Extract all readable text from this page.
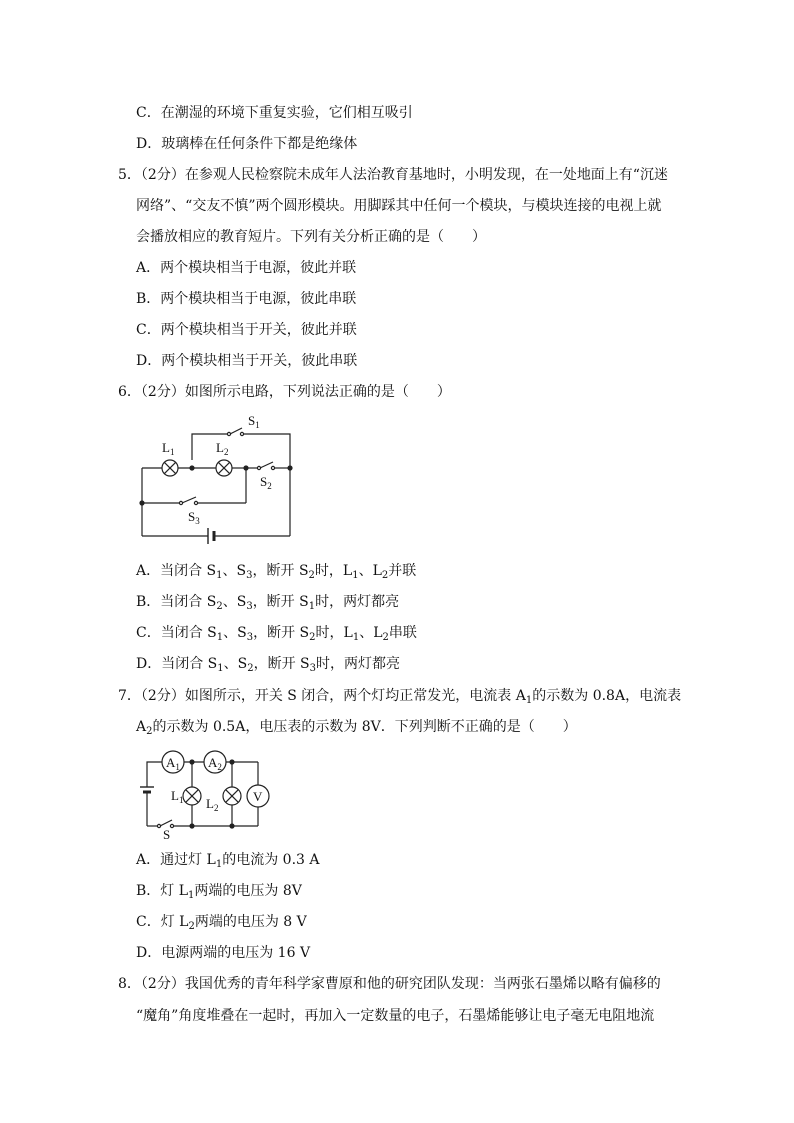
C．在潮湿的环境下重复实验，它们相互吸引
D．玻璃棒在任何条件下都是绝缘体
5．（2分）在参观人民检察院未成年人法治教育基地时，小明发现，在一处地面上有“沉迷
网络”、“交友不慎”两个圆形模块。用脚踩其中任何一个模块，与模块连接的电视上就
会播放相应的教育短片。下列有关分析正确的是（　　）
A．两个模块相当于电源，彼此并联
B．两个模块相当于电源，彼此串联
C．两个模块相当于开关，彼此并联
D．两个模块相当于开关，彼此串联
6．（2分）如图所示电路，下列说法正确的是（　　）
$L_1$	$L_2$
$S_1$
$S_2$
$S_3$
A．当闭合 $S_1$、$S_3$，断开 $S_2$时，$L_1$、$L_2$并联
B．当闭合 $S_2$、$S_3$，断开 $S_1$时，两灯都亮
C．当闭合 $S_1$、$S_3$，断开 $S_2$时，$L_1$、$L_2$串联
D．当闭合 $S_1$、$S_2$，断开 $S_3$时，两灯都亮
7．（2分）如图所示，开关 S 闭合，两个灯均正常发光，电流表 $A_1$的示数为 0.8A，电流表
$A_2$的示数为 0.5A，电压表的示数为 8V．下列判断不正确的是（　　）
$A_1$ $A_2$
V
$L_1$ $L_2$
S
A．通过灯 $L_1$的电流为 0.3 A
B．灯 $L_1$两端的电压为 8V
C．灯 $L_2$两端的电压为 8 V
D．电源两端的电压为 16 V
8．（2分）我国优秀的青年科学家曹原和他的研究团队发现：当两张石墨烯以略有偏移的
“魔角”角度堆叠在一起时，再加入一定数量的电子，石墨烯能够让电子毫无电阻地流
